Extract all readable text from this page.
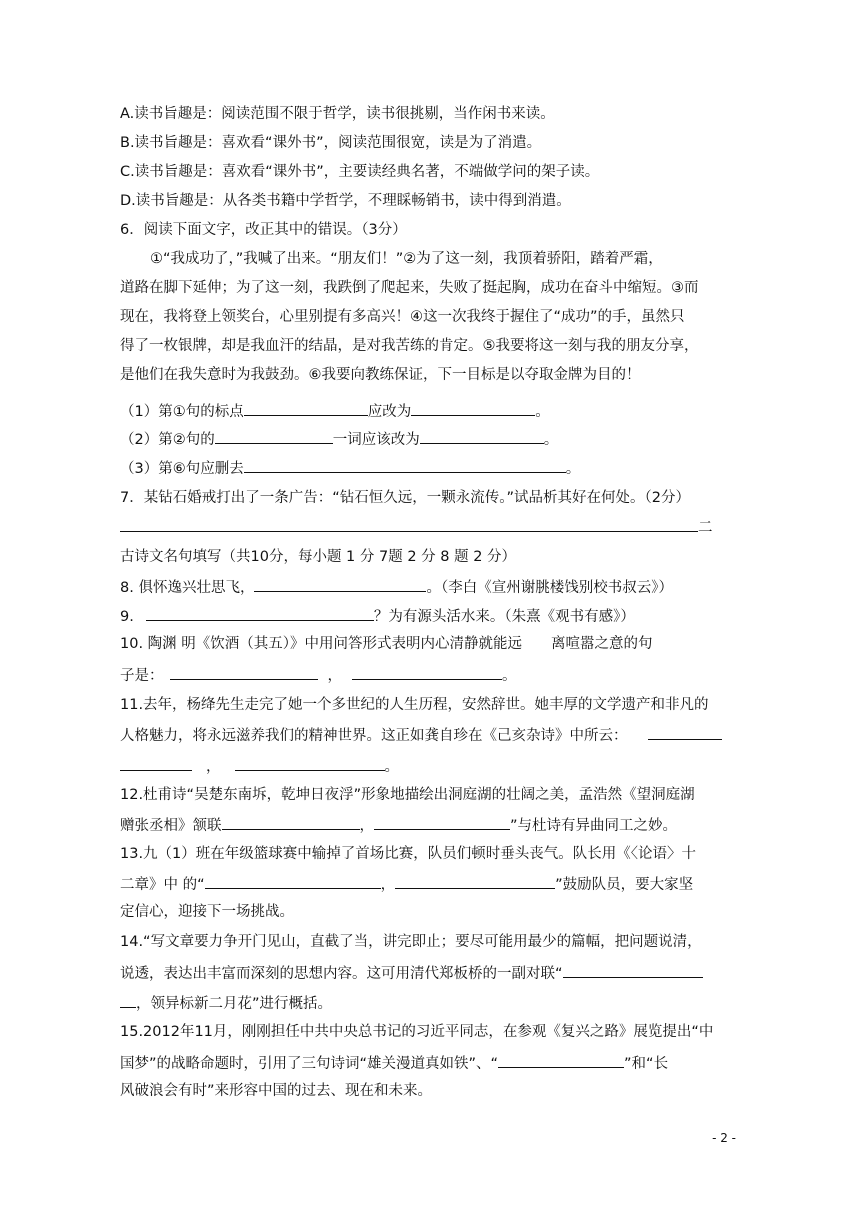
A.读书旨趣是：阅读范围不限于哲学，读书很挑剔，当作闲书来读。
B.读书旨趣是：喜欢看“课外书”，阅读范围很宽，读是为了消遣。
C.读书旨趣是：喜欢看“课外书”，主要读经典名著，不端做学问的架子读。
D.读书旨趣是：从各类书籍中学哲学，不理睬畅销书，读中得到消遣。
6．阅读下面文字，改正其中的错误。（3分）
①“我成功了，”我喊了出来。“朋友们！”②为了这一刻，我顶着骄阳，踏着严霜，
道路在脚下延伸；为了这一刻，我跌倒了爬起来，失败了挺起胸，成功在奋斗中缩短。③而
现在，我将登上领奖台，心里别提有多高兴！④这一次我终于握住了“成功”的手，虽然只
得了一枚银牌，却是我血汗的结晶，是对我苦练的肯定。⑤我要将这一刻与我的朋友分享，
是他们在我失意时为我鼓劲。⑥我要向教练保证，下一目标是以夺取金牌为目的！
（1）第①句的标点	应改为	。
（2）第②句的	一词应该改为	。
（3）第⑥句应删去	。
7．某钻石婚戒打出了一条广告：“钻石恒久远，一颗永流传。”试品析其好在何处。（2分）
二
古诗文名句填写（共10分，每小题 1 分 7题 2 分 8 题 2 分）
8. 俱怀逸兴壮思飞，	。（李白《宣州谢朓楼饯别校书叔云》）
9.	？为有源头活水来。（朱熹《观书有感》）
10. 陶渊 明《饮酒（其五）》中用问答形式表明内心清静就能远　　离喧嚣之意的句
子是：	，	。
11.去年，杨绛先生走完了她一个多世纪的人生历程，安然辞世。她丰厚的文学遗产和非凡的
人格魅力，将永远滋养我们的精神世界。这正如龚自珍在《己亥杂诗》中所云：
，	。
12.杜甫诗“吴楚东南坼，乾坤日夜浮”形象地描绘出洞庭湖的壮阔之美，孟浩然《望洞庭湖
赠张丞相》颔联	，	”与杜诗有异曲同工之妙。
13.九（1）班在年级篮球赛中输掉了首场比赛，队员们顿时垂头丧气。队长用《〈论语〉十
二章》中 的“	，	”鼓励队员，要大家坚
定信心，迎接下一场挑战。
14.“写文章要力争开门见山，直截了当，讲完即止；要尽可能用最少的篇幅，把问题说清，
说透，表达出丰富而深刻的思想内容。这可用清代郑板桥的一副对联“
，领异标新二月花”进行概括。
15.2012年11月，刚刚担任中共中央总书记的习近平同志，在参观《复兴之路》展览提出“中
国梦”的战略命题时，引用了三句诗词“雄关漫道真如铁”、“	”和“长
风破浪会有时”来形容中国的过去、现在和未来。
- 2 -
